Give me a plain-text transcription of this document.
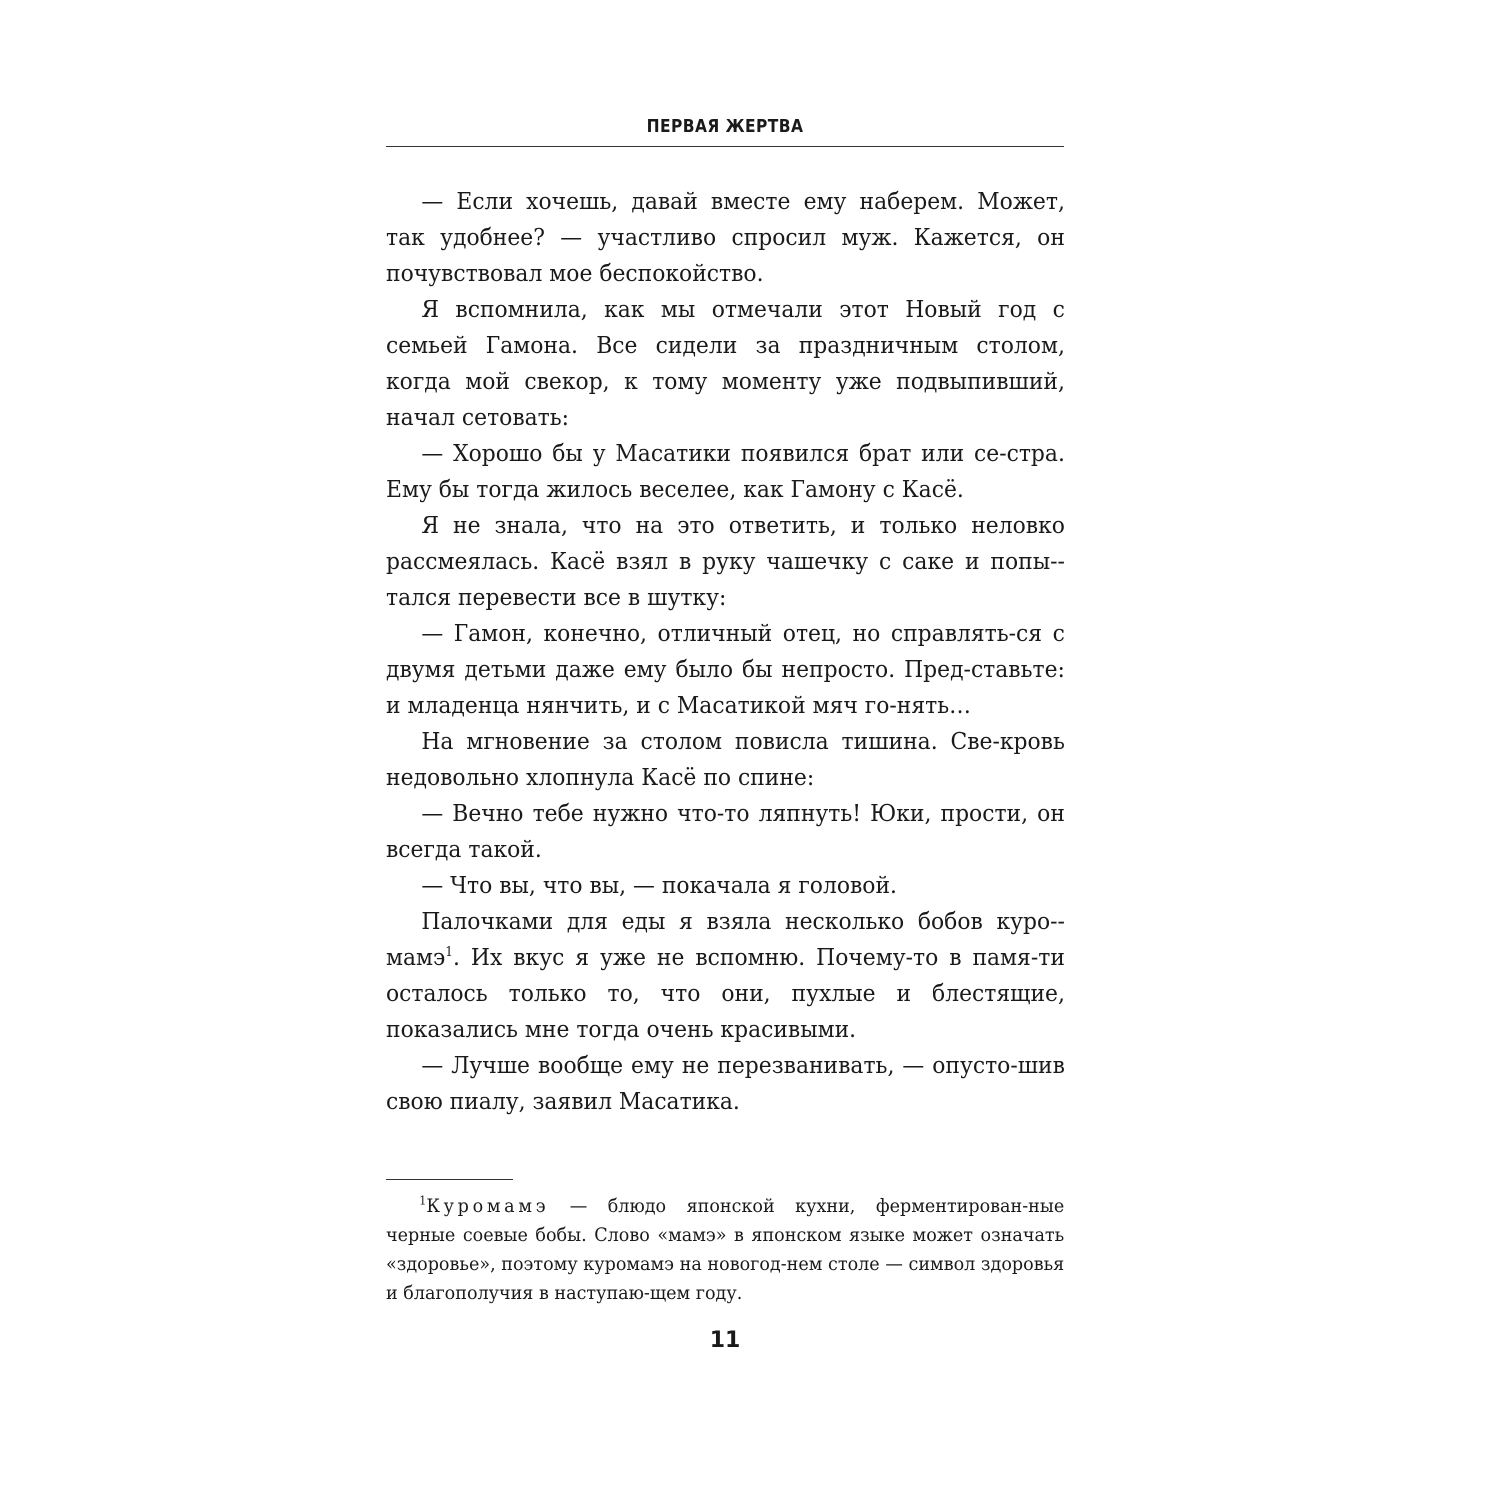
ПЕРВАЯ ЖЕРТВА

— Если хочешь, давай вместе ему наберем. Может, так удобнее? — участливо спросил муж. Кажется, он почувствовал мое беспокойство.

Я вспомнила, как мы отмечали этот Новый год с семьей Гамона. Все сидели за праздничным столом, когда мой свекор, к тому моменту уже подвыпивший, начал сетовать:

— Хорошо бы у Масатики появился брат или се-стра. Ему бы тогда жилось веселее, как Гамону с Касё.

Я не знала, что на это ответить, и только неловко рассмеялась. Касё взял в руку чашечку с саке и попы-тался перевести все в шутку:

— Гамон, конечно, отличный отец, но справлять-ся с двумя детьми даже ему было бы непросто. Пред-ставьте: и младенца нянчить, и с Масатикой мяч го-нять…

На мгновение за столом повисла тишина. Све-кровь недовольно хлопнула Касё по спине:

— Вечно тебе нужно что-то ляпнуть! Юки, прости, он всегда такой.

— Что вы, что вы, — покачала я головой.

Палочками для еды я взяла несколько бобов куро-мамэ$^1$. Их вкус я уже не вспомню. Почему-то в памя-ти осталось только то, что они, пухлые и блестящие, показались мне тогда очень красивыми.

— Лучше вообще ему не перезванивать, — опусто-шив свою пиалу, заявил Масатика.

$^1$Куромамэ — блюдо японской кухни, ферментирован-ные черные соевые бобы. Слово «мамэ» в японском языке может означать «здоровье», поэтому куромамэ на новогод-нем столе — символ здоровья и благополучия в наступаю-щем году.

11
